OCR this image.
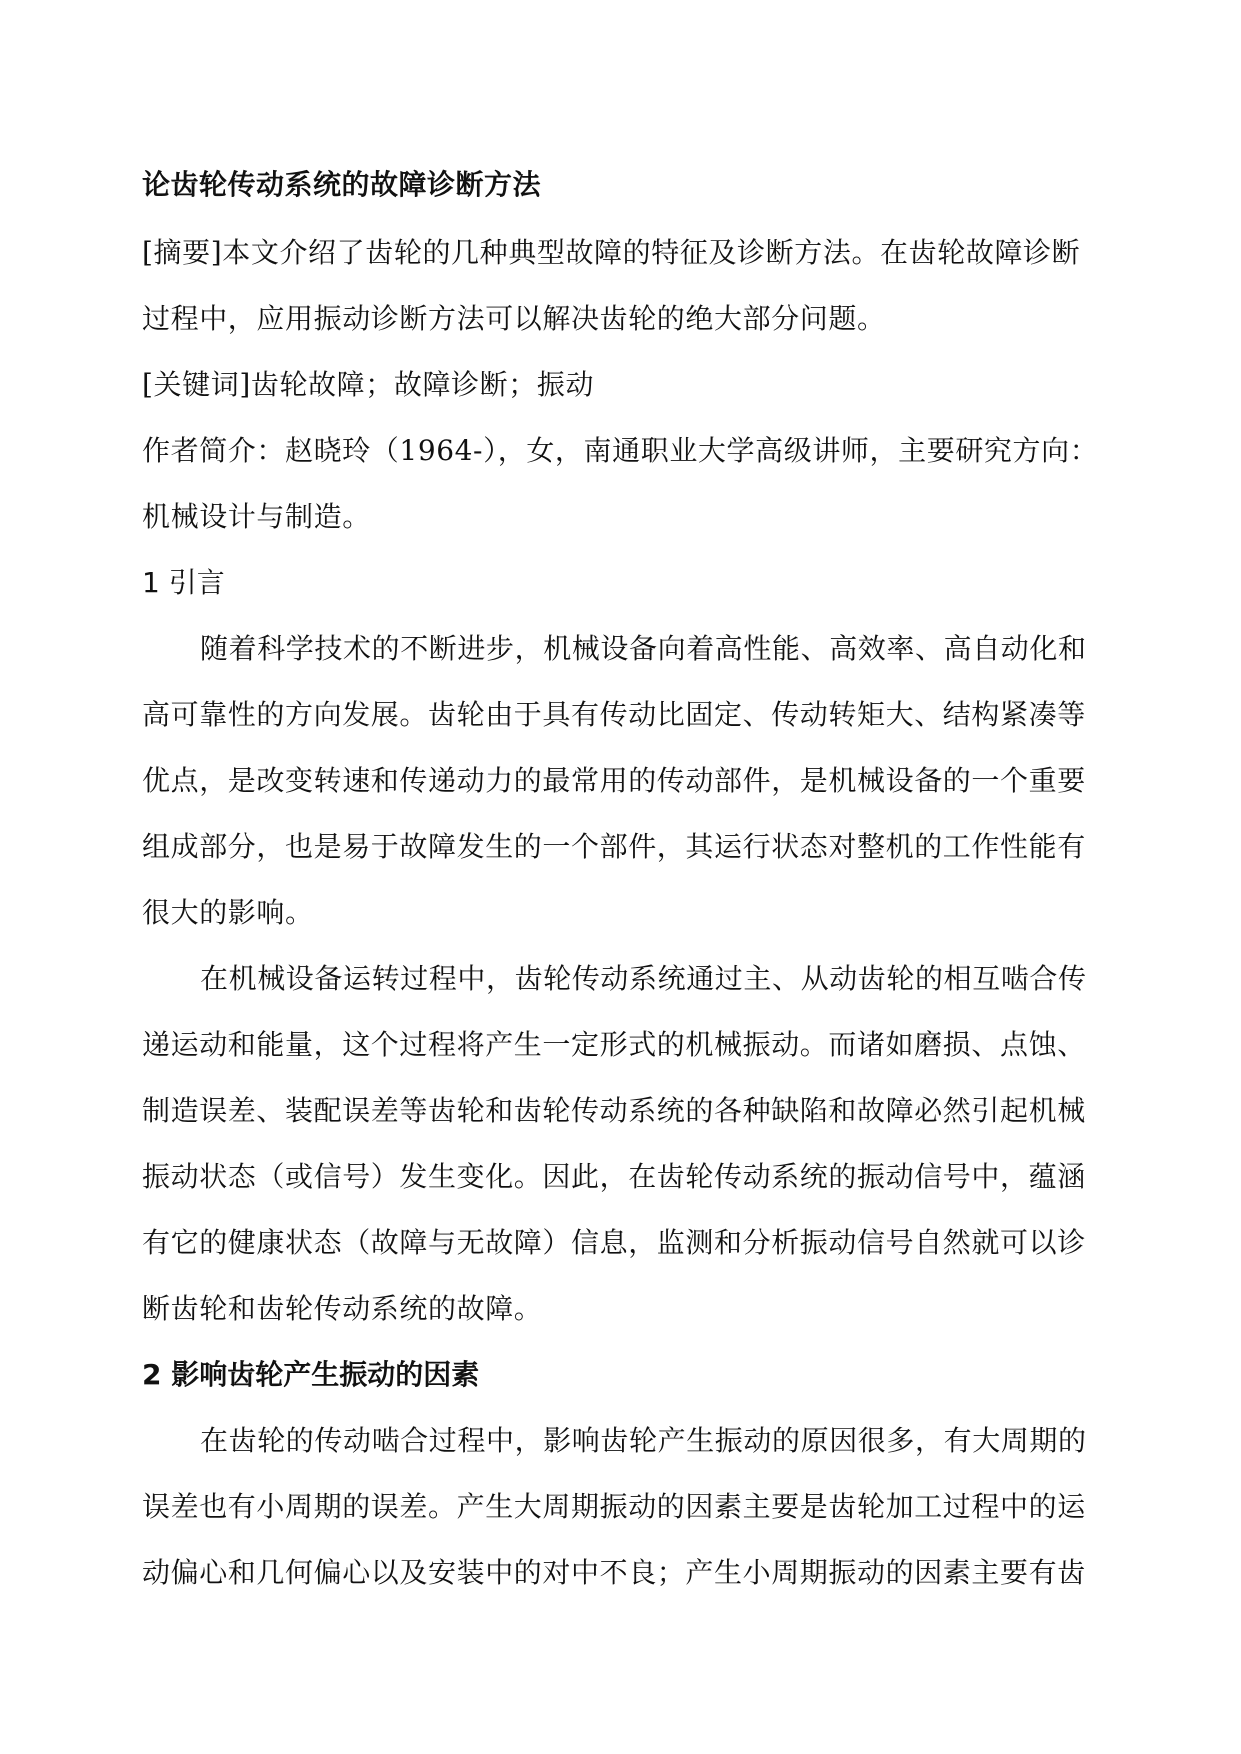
论齿轮传动系统的故障诊断方法
[摘要]本文介绍了齿轮的几种典型故障的特征及诊断方法。在齿轮故障诊断
过程中，应用振动诊断方法可以解决齿轮的绝大部分问题。
[关键词]齿轮故障；故障诊断；振动
作者简介：赵晓玲（1964-），女，南通职业大学高级讲师，主要研究方向：
机械设计与制造。
1 引言
随着科学技术的不断进步，机械设备向着高性能、高效率、高自动化和
高可靠性的方向发展。齿轮由于具有传动比固定、传动转矩大、结构紧凑等
优点，是改变转速和传递动力的最常用的传动部件，是机械设备的一个重要
组成部分，也是易于故障发生的一个部件，其运行状态对整机的工作性能有
很大的影响。
在机械设备运转过程中，齿轮传动系统通过主、从动齿轮的相互啮合传
递运动和能量，这个过程将产生一定形式的机械振动。而诸如磨损、点蚀、
制造误差、装配误差等齿轮和齿轮传动系统的各种缺陷和故障必然引起机械
振动状态（或信号）发生变化。因此，在齿轮传动系统的振动信号中，蕴涵
有它的健康状态（故障与无故障）信息，监测和分析振动信号自然就可以诊
断齿轮和齿轮传动系统的故障。
2 影响齿轮产生振动的因素
在齿轮的传动啮合过程中，影响齿轮产生振动的原因很多，有大周期的
误差也有小周期的误差。产生大周期振动的因素主要是齿轮加工过程中的运
动偏心和几何偏心以及安装中的对中不良；产生小周期振动的因素主要有齿
